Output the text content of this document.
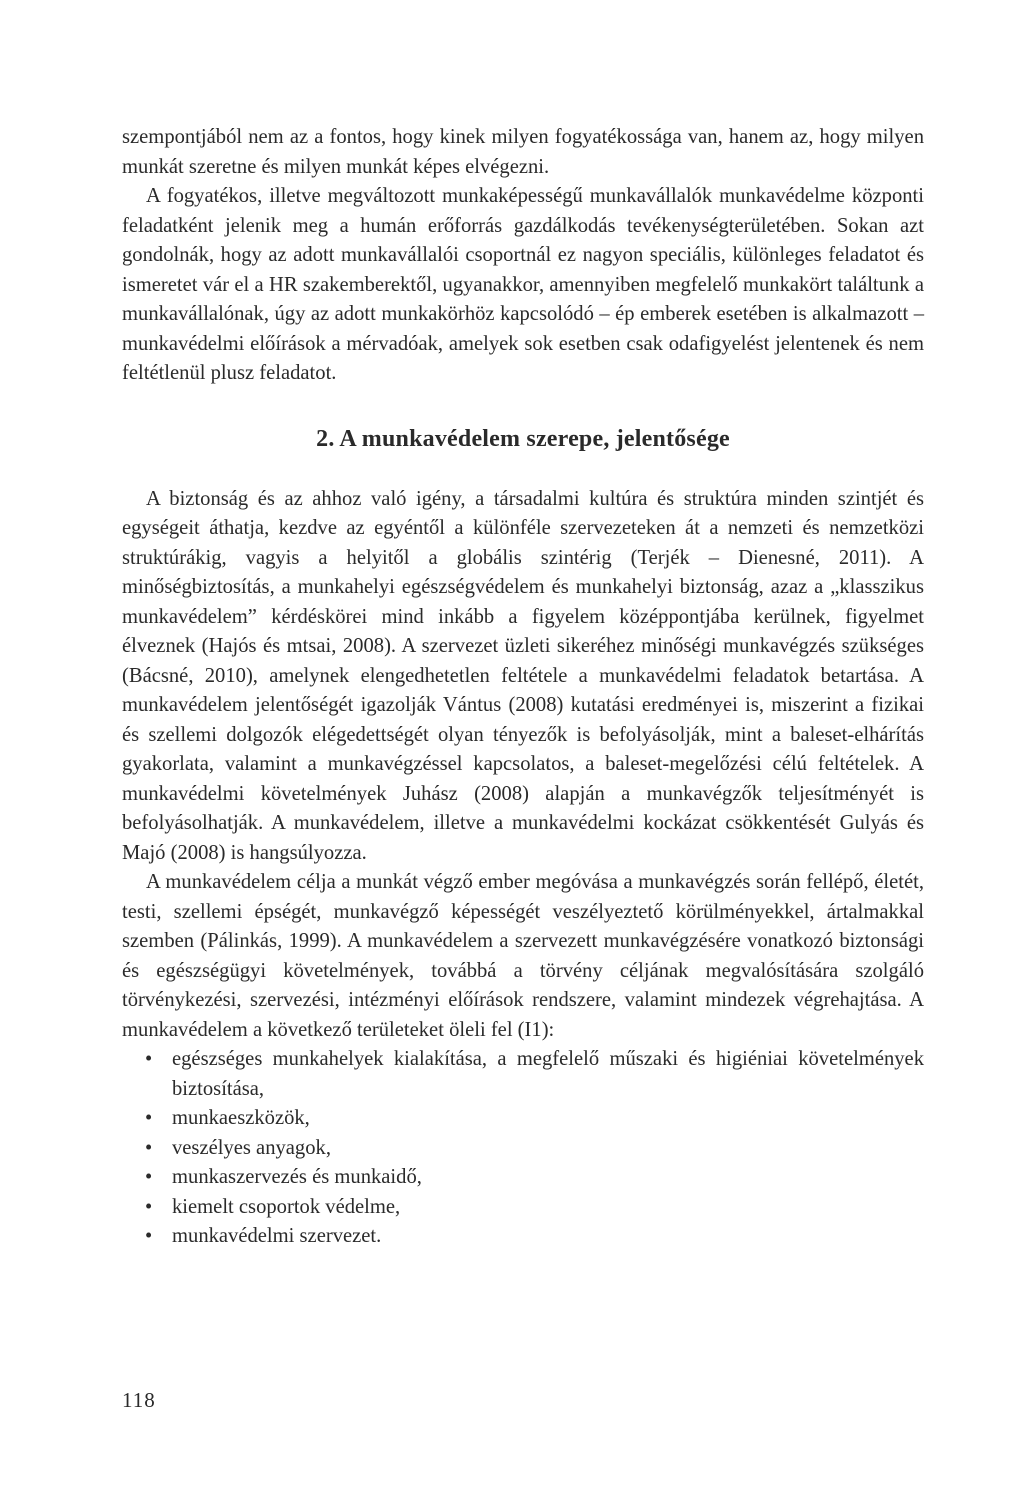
szempontjából nem az a fontos, hogy kinek milyen fogyatékossága van, hanem az, hogy milyen munkát szeretne és milyen munkát képes elvégezni.

A fogyatékos, illetve megváltozott munkaképességű munkavállalók munkavédelme központi feladatként jelenik meg a humán erőforrás gazdálkodás tevékenységterületében. Sokan azt gondolnák, hogy az adott munkavállalói csoportnál ez nagyon speciális, különleges feladatot és ismeretet vár el a HR szakemberektől, ugyanakkor, amennyiben megfelelő munkakört találtunk a munkavállalónak, úgy az adott munkakörhöz kapcsolódó – ép emberek esetében is alkalmazott – munkavédelmi előírások a mérvadóak, amelyek sok esetben csak odafigyelést jelentenek és nem feltétlenül plusz feladatot.

2. A munkavédelem szerepe, jelentősége

A biztonság és az ahhoz való igény, a társadalmi kultúra és struktúra minden szintjét és egységeit áthatja, kezdve az egyéntől a különféle szervezeteken át a nemzeti és nemzetközi struktúrákig, vagyis a helyitől a globális szintérig (Terjék – Dienesné, 2011). A minőségbiztosítás, a munkahelyi egészségvédelem és munkahelyi biztonság, azaz a „klasszikus munkavédelem” kérdéskörei mind inkább a figyelem középpontjába kerülnek, figyelmet élveznek (Hajós és mtsai, 2008). A szervezet üzleti sikeréhez minőségi munkavégzés szükséges (Bácsné, 2010), amelynek elengedhetetlen feltétele a munkavédelmi feladatok betartása. A munkavédelem jelentőségét igazolják Vántus (2008) kutatási eredményei is, miszerint a fizikai és szellemi dolgozók elégedettségét olyan tényezők is befolyásolják, mint a baleset-elhárítás gyakorlata, valamint a munkavégzéssel kapcsolatos, a baleset-megelőzési célú feltételek. A munkavédelmi követelmények Juhász (2008) alapján a munkavégzők teljesítményét is befolyásolhatják. A munkavédelem, illetve a munkavédelmi kockázat csökkentését Gulyás és Majó (2008) is hangsúlyozza.

A munkavédelem célja a munkát végző ember megóvása a munkavégzés során fellépő, életét, testi, szellemi épségét, munkavégző képességét veszélyeztető körülményekkel, ártalmakkal szemben (Pálinkás, 1999). A munkavédelem a szervezett munkavégzésére vonatkozó biztonsági és egészségügyi követelmények, továbbá a törvény céljának megvalósítására szolgáló törvénykezési, szervezési, intézményi előírások rendszere, valamint mindezek végrehajtása. A munkavédelem a következő területeket öleli fel (I1):

• egészséges munkahelyek kialakítása, a megfelelő műszaki és higiéniai követelmények biztosítása,
• munkaeszközök,
• veszélyes anyagok,
• munkaszervezés és munkaidő,
• kiemelt csoportok védelme,
• munkavédelmi szervezet.
118
